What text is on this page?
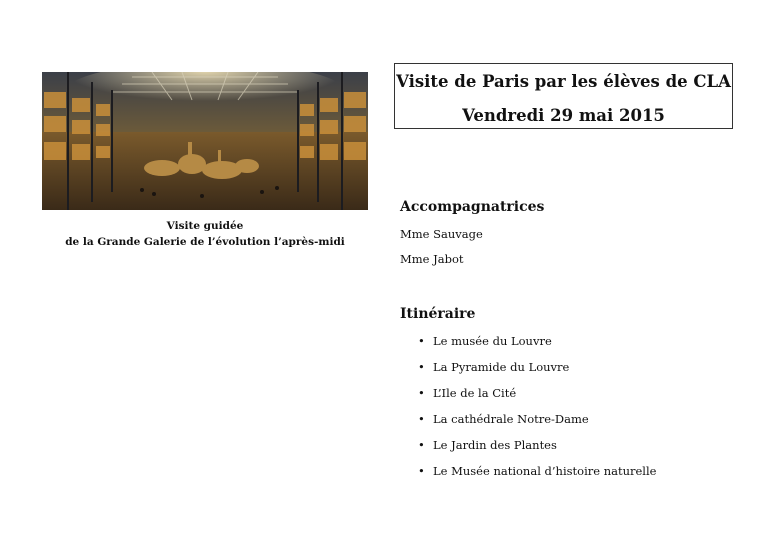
Visite guidée
de la Grande Galerie de l’évolution l’après-midi
Visite de Paris par les élèves de CLA
Vendredi 29 mai 2015
Accompagnatrices
Mme Sauvage
Mme Jabot
Itinéraire
• Le musée du Louvre
• La Pyramide du Louvre
• L’Ile de la Cité
• La cathédrale Notre-Dame
• Le Jardin des Plantes
• Le Musée national d’histoire naturelle
